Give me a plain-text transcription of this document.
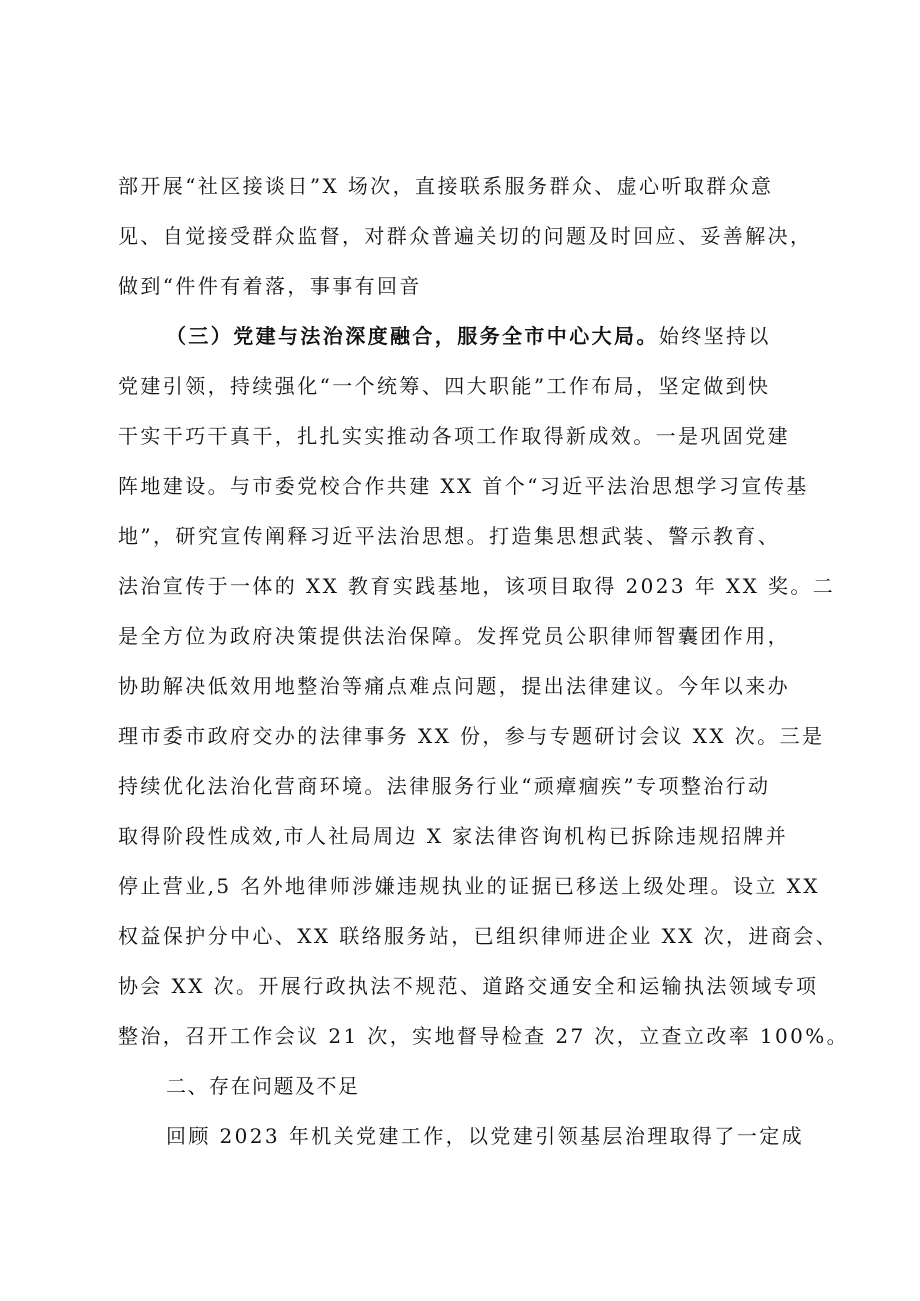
部开展“社区接谈日”X 场次，直接联系服务群众、虚心听取群众意
见、自觉接受群众监督，对群众普遍关切的问题及时回应、妥善解决，
做到“件件有着落，事事有回音
（三）党建与法治深度融合，服务全市中心大局。始终坚持以
党建引领，持续强化“一个统筹、四大职能”工作布局，坚定做到快
干实干巧干真干，扎扎实实推动各项工作取得新成效。一是巩固党建
阵地建设。与市委党校合作共建 XX 首个“习近平法治思想学习宣传基
地”，研究宣传阐释习近平法治思想。打造集思想武装、警示教育、
法治宣传于一体的 XX 教育实践基地，该项目取得 2023 年 XX 奖。二
是全方位为政府决策提供法治保障。发挥党员公职律师智囊团作用，
协助解决低效用地整治等痛点难点问题，提出法律建议。今年以来办
理市委市政府交办的法律事务 XX 份，参与专题研讨会议 XX 次。三是
持续优化法治化营商环境。法律服务行业“顽瘴痼疾”专项整治行动
取得阶段性成效,市人社局周边 X 家法律咨询机构已拆除违规招牌并
停止营业,5 名外地律师涉嫌违规执业的证据已移送上级处理。设立 XX
权益保护分中心、XX 联络服务站，已组织律师进企业 XX 次，进商会、
协会 XX 次。开展行政执法不规范、道路交通安全和运输执法领域专项
整治，召开工作会议 21 次，实地督导检查 27 次，立查立改率 100%。
二、存在问题及不足
回顾 2023 年机关党建工作，以党建引领基层治理取得了一定成
